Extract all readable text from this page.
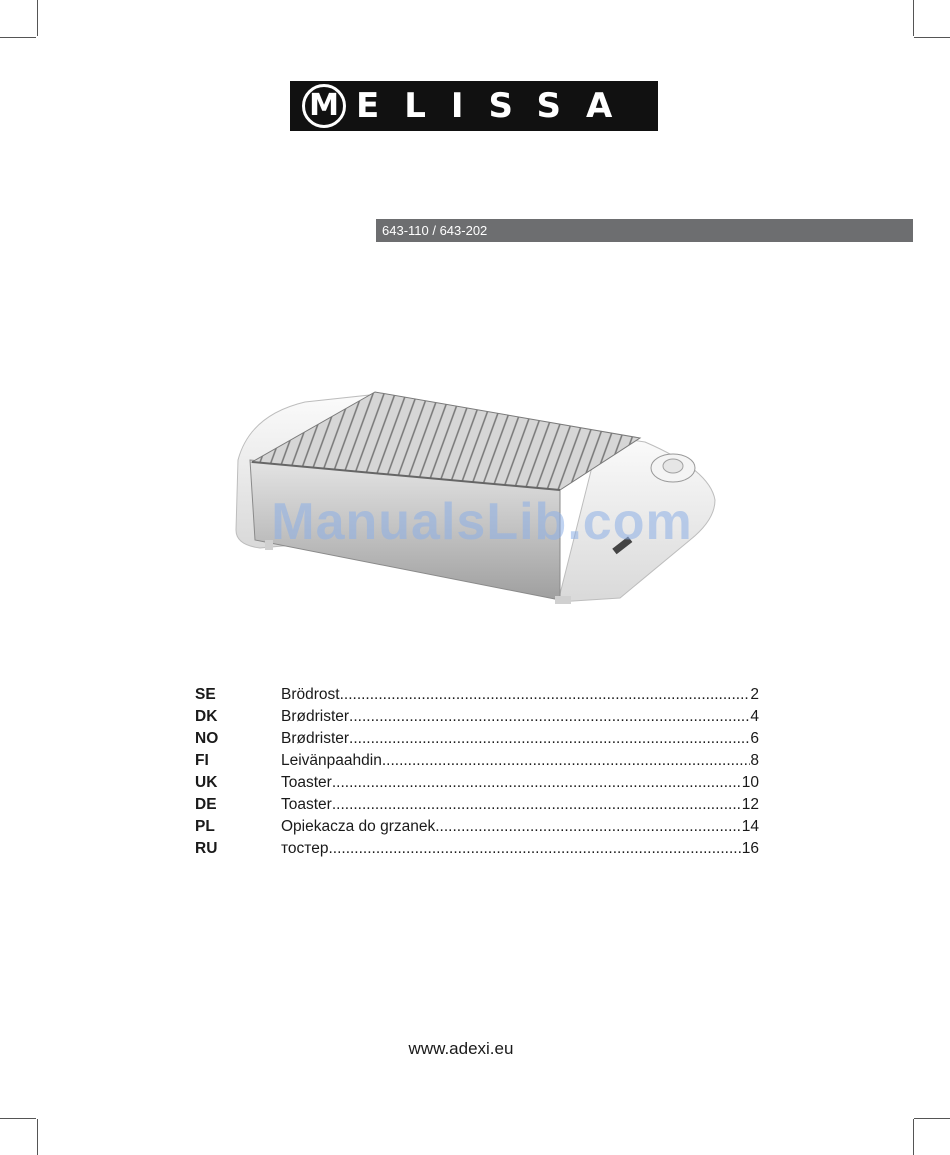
M ELISSA
643-110 / 643-202
ManualsLib.com
SE	Brödrost .....	2
DK	Brødrister .....	4
NO	Brødrister .....	6
FI	Leivänpaahdin .....	8
UK	Toaster .....	10
DE	Toaster .....	12
PL	Opiekacza do grzanek .....	14
RU	тостер .....	16
www.adexi.eu
